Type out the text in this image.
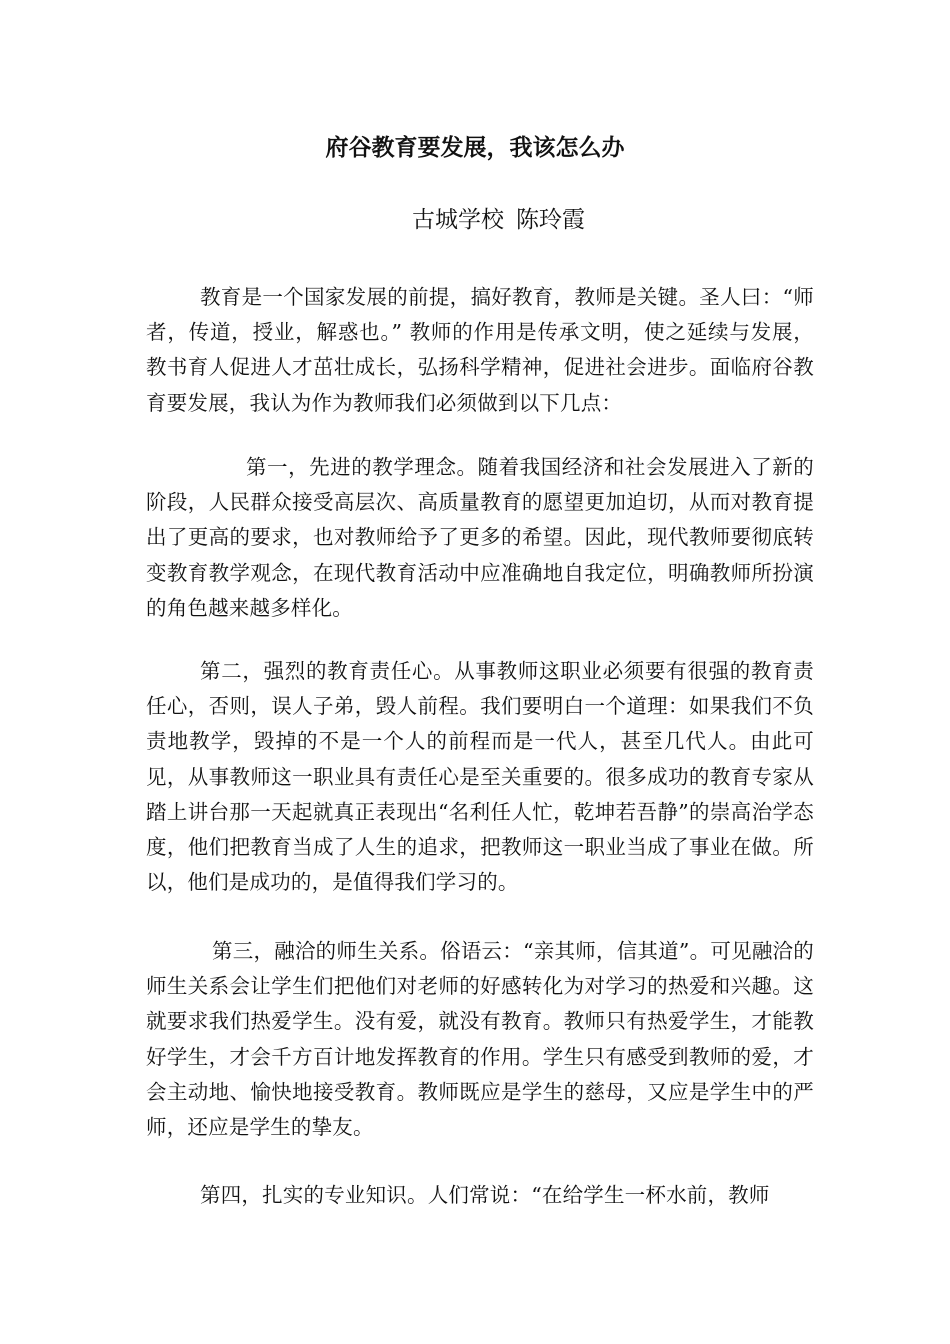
府谷教育要发展，我该怎么办

古城学校 陈玲霞

教育是一个国家发展的前提，搞好教育，教师是关键。圣人曰：“师者，传道，授业，解惑也。” 教师的作用是传承文明，使之延续与发展，教书育人促进人才茁壮成长，弘扬科学精神，促进社会进步。面临府谷教育要发展，我认为作为教师我们必须做到以下几点：

第一，先进的教学理念。随着我国经济和社会发展进入了新的阶段，人民群众接受高层次、高质量教育的愿望更加迫切，从而对教育提出了更高的要求，也对教师给予了更多的希望。因此，现代教师要彻底转变教育教学观念，在现代教育活动中应准确地自我定位，明确教师所扮演的角色越来越多样化。

第二，强烈的教育责任心。从事教师这职业必须要有很强的教育责任心，否则，误人子弟，毁人前程。我们要明白一个道理：如果我们不负责地教学，毁掉的不是一个人的前程而是一代人，甚至几代人。由此可见，从事教师这一职业具有责任心是至关重要的。很多成功的教育专家从踏上讲台那一天起就真正表现出“名利任人忙，乾坤若吾静”的崇高治学态度，他们把教育当成了人生的追求，把教师这一职业当成了事业在做。所以，他们是成功的，是值得我们学习的。

第三，融洽的师生关系。俗语云：“亲其师，信其道”。可见融洽的师生关系会让学生们把他们对老师的好感转化为对学习的热爱和兴趣。这就要求我们热爱学生。没有爱，就没有教育。教师只有热爱学生，才能教好学生，才会千方百计地发挥教育的作用。学生只有感受到教师的爱，才会主动地、愉快地接受教育。教师既应是学生的慈母，又应是学生中的严师，还应是学生的挚友。

第四，扎实的专业知识。人们常说：“在给学生一杯水前，教师
